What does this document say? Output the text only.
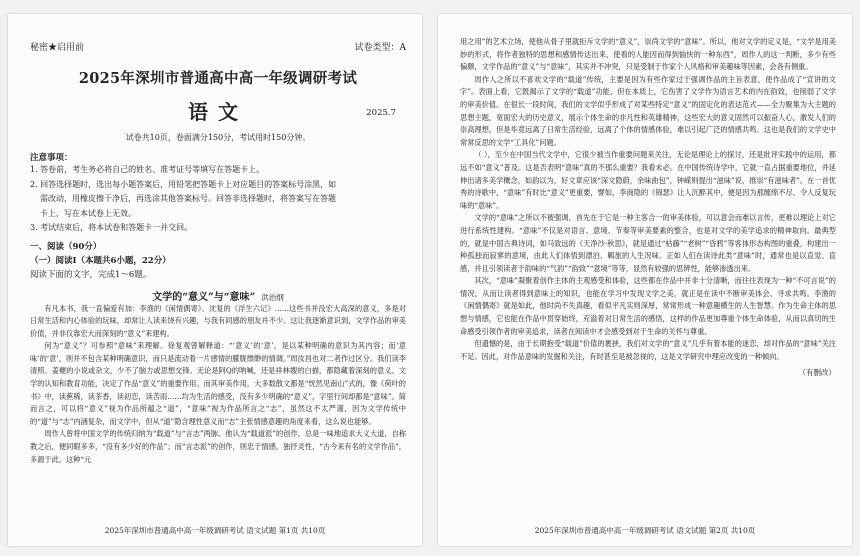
秘密★启用前	试卷类型：A
2025年深圳市普通高中高一年级调研考试
语文	2025.7
试卷共10页，卷面满分150分，考试用时150分钟。
注意事项：
1. 答卷前，考生务必将自己的姓名、准考证号等填写在答题卡上。
2. 回答选择题时，选出每小题答案后，用铅笔把答题卡上对应题目的答案标号涂黑，如
需改动，用橡皮擦干净后，再选涂其他答案标号。回答非选择题时，将答案写在答题
卡上，写在本试卷上无效。
3. 考试结束后，将本试卷和答题卡一并交回。
一、阅读（90分）
（一）阅读Ⅰ（本题共6小题，22分）
阅读下面的文字，完成1～6题。
文学的“意义”与“意味” 洪治纲

有凡本书，我一直偏爱有加：李渔的《闲情偶寄》、沈复的《浮生六记》……这些书并没宏大高深的意义，多是对日常生活和内心体验的玩味，却常让人读来饶有兴趣，与我有同感的朋友并不少。这让我逐渐意识到，文学作品的审美价值，并非仅靠宏大而深刻的“意义”来建构。

何为“意义”？可参照“意味”来理解。徐复观曾解释道：“‘意义’的‘意’，是以某种明确的意识为其内容；而‘意味’的‘意’，则并不包含某种明确意识，而只是流动着一片感情的朦胧缥缈的情调。”周汝昌也对二者作过区分。我们读李清照、姜夔的小说或杂文，少不了脑力或思想交锋。无论是阿Q的呐喊，还是祥林嫂的白描，都隐藏着深刻的意义。文学的认知和教育功能，决定了作品“意义”的重要作用。而其审美作用，大多数散文都是“恍然见南山”式的，像《荷叶的书》中，读蕉稀，读茶香，读初恋，读苦雨……均为生活的感受，没有多少明确的“意义”，字里行间却都是“意味”。简而言之，可以将“意义”视为作品所蕴之“道”，“意味”视为作品所言之“志”，虽然这不太严谨，因为文学传统中的“道”与“志”内涵复杂，而文学中，但从“道”隐含理性意义而“志”主张情感意趣的角度来看，这么说也能够。

周作人曾将中国文学的传统归纳为“载道”与“言志”两脉。他认为“载道派”的创作，总是一味地追求大义大道，自称教之后，便同眼多多，“没有多少好的作品”；而“言志派”的创作，则忠于情感，独抒灵性，“古今来有名的文学作品”，多源于此。这种“元

2025年深圳市普通高中高一年级调研考试 语文试题 第1页 共10页

用之用”的艺术立场，使他从骨子里就拒斥文学的“意义”，崇尚文学的“意味”。所以，他对文学的定义是，“文学是用美妙的形式，将作者独特的思想和感情传达出来，使看的人能因而得到愉快的一种东西”，周作人的这一判断，多少有些偏颇，文学作品的“意义”与“意味”，其实并不冲突，只是受制于作家个人风格和审美趣味等因素，会各有侧重。

周作人之所以不喜欢文学的“载道”传统，主要是因为有些作家过于强调作品的主旨表意，使作品成了“宣讲的文字”。表面上看，它既揭示了文学的“载道”功能，但在本质上，它伤害了文学作为语言艺术的内在韵致，也削弱了文学的审美价值。在很长一段时间，我们的文学似乎形成了对某些特定“意义”的固定化的表达范式——全力聚集为大主题的思想主题，宽面宏大的历史意义，展示个体生命的非凡性和英雄精神，这些宏大的意义固然可以振奋人心，激发人们的崇高理想，但是毕竟远离了日常生活经验，远离了个体的情感体验，难以引起广泛的情感共鸣。这也是我们的文学史中常常反思的文学“工具化”问题。

（ ），至少在中国当代文学中，它很少被当作重要问题来关注，无论是理论上的探讨，还是批评实践中的运用，都远不如“意义”普及。这是否表明“意味”真的不那么重要？我看未必。在中国传统诗学中，它就一直占据重要地位，并延伸出诸多美学概念，如韵以为，好文章应该“深文隐蔚，余味曲包”，钟嵘则提出“滋味”说，推崇“有滋味者”。在一首优秀的诗歌中，“意味”有时比“意义”更重要，譬如，李商隐的《锦瑟》让人沉醉其中，便是因为那缠绵不尽、令人反复玩味的“意味”。

文学的“意味”之所以不被强调，首先在于它是一种主客合一的审美体验，可以意会而难以言传，更难以理论上对它进行系统性建构。“意味”不仅是对语言、意境、节奏等审美要素的整合，也是对文学的美学追求的精神取向。最典型的，就是中国古典诗词，如马致远的《天净沙·秋思》，就是通过“枯藤”“老树”“昏鸦”等客体形态构图的重叠，构建出一种孤独而寂寥的意境，由此人们体悟到漂泊、羁旅的人生况味。正如人们在读诗此类“意味”时，通常也是以直觉、直感，并且引领读者于韵味的“气韵”“韵致”“意境”等等，显然有较强的思辨性，能够渗透出来。

其次，“意味”凝聚着创作主体的主观感受和体验，这些都在作品中并非十分清晰，而往往表现为一种“不可言说”的情况，从而让读者得到意味上的知识，也能在学习中发现文学之美，就正是在读中不断审美体会、寻求共鸣。李渔的《闲情偶寄》就是如此，他时尚不失真趣，看似平凡实则深厚，常常形成一种意趣横生的人生智慧。作为生命主体的思想与情感，它也能在作品中贯穿始终，充溢着对日常生活的感悟，这样的作品更加尊重个体生命体验，从而以真切的生命感受引领作者的审美追求，读者在阅读中才会感受到对于生命的关怀与尊重。

但遗憾的是，由于长期抱受“载道”价值的裹挟，我们对文学的“意义”几乎有着本能的迷恋，却对作品的“意味”关注不足。因此，对作品意味的发掘和关注，有时甚至是被忽视的，这是文学研究中理应改变的一种倾向。

（有删改）
2025年深圳市普通高中高一年级调研考试 语文试题 第2页 共10页
